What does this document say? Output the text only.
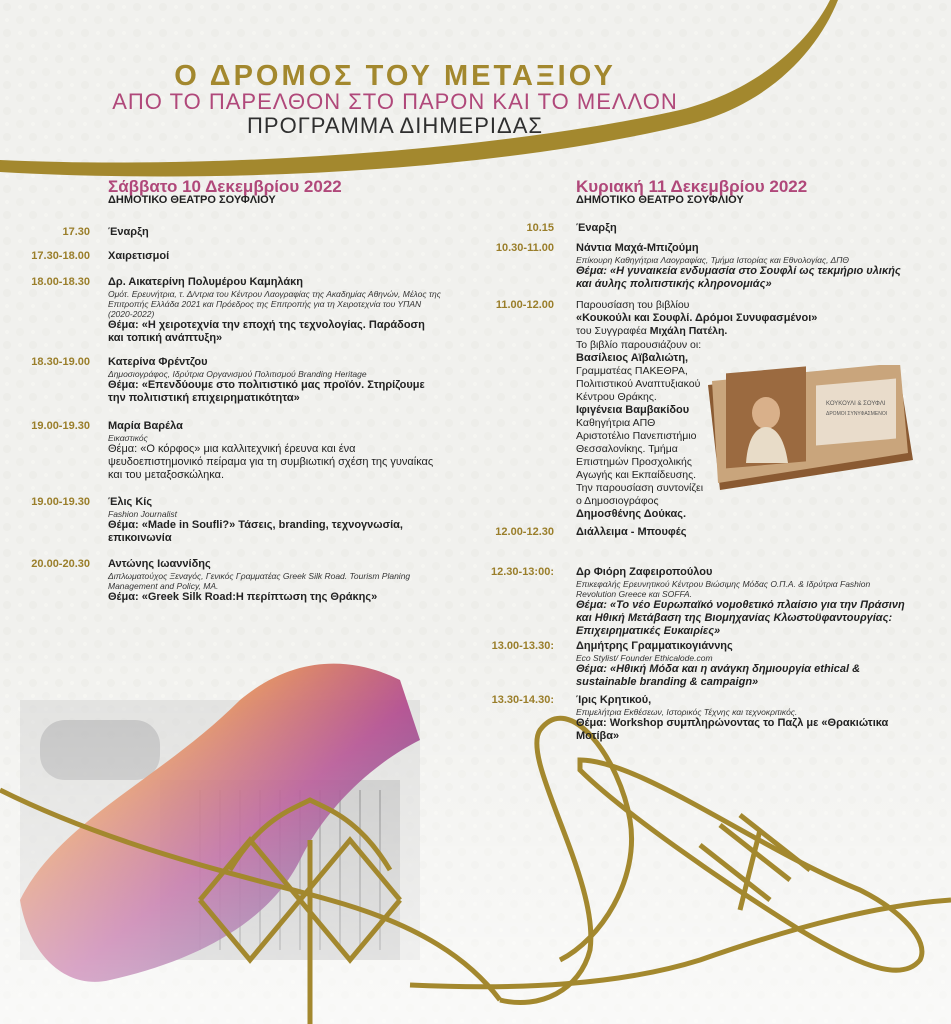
Ο ΔΡΟΜΟΣ ΤΟΥ ΜΕΤΑΞΙΟΥ
ΑΠΟ ΤΟ ΠΑΡΕΛΘΟΝ ΣΤΟ ΠΑΡΟΝ ΚΑΙ ΤΟ ΜΕΛΛΟΝ
ΠΡΟΓΡΑΜΜΑ ΔΙΗΜΕΡΙΔΑΣ
Σάββατο 10 Δεκεμβρίου 2022
ΔΗΜΟΤΙΚΟ ΘΕΑΤΡΟ ΣΟΥΦΛΙΟΥ
17.30 Έναρξη
17.30-18.00 Χαιρετισμοί
18.00-18.30 Δρ. Αικατερίνη Πολυμέρου Καμηλάκη
Ομότ. Ερευνήτρια, τ. Δ/ντρια του Κέντρου Λαογραφίας της Ακαδημίας Αθηνών, Μέλος της Επιτροπής Ελλάδα 2021 και Πρόεδρος της Επιτροπής για τη Χειροτεχνία του ΥΠΑΝ (2020-2022)
Θέμα: «Η χειροτεχνία την εποχή της τεχνολογίας. Παράδοση και τοπική ανάπτυξη»
18.30-19.00 Κατερίνα Φρέντζου
Δημοσιογράφος, Ιδρύτρια Οργανισμού Πολιτισμού Branding Heritage
Θέμα: «Επενδύουμε στο πολιτιστικό μας προϊόν. Στηρίζουμε την πολιτιστική επιχειρηματικότητα»
19.00-19.30 Μαρία Βαρέλα
Εικαστικός
Θέμα: «Ο κόρφος» μια καλλιτεχνική έρευνα και ένα ψευδοεπιστημονικό πείραμα για τη συμβιωτική σχέση της γυναίκας και του μεταξοσκώληκα.
19.00-19.30 Έλις Κίς
Fashion Journalist
Θέμα: «Made in Soufli?» Τάσεις, branding, τεχνογνωσία, επικοινωνία
20.00-20.30 Αντώνης Ιωαννίδης
Διπλωματούχος Ξεναγός, Γενικός Γραμματέας Greek Silk Road. Tourism Planing Management and Policy, MA.
Θέμα: «Greek Silk Road:Η περίπτωση της Θράκης»
Κυριακή 11 Δεκεμβρίου 2022
ΔΗΜΟΤΙΚΟ ΘΕΑΤΡΟ ΣΟΥΦΛΙΟΥ
10.15 Έναρξη
10.30-11.00 Νάντια Μαχά-Μπιζούμη
Επίκουρη Καθηγήτρια Λαογραφίας, Τμήμα Ιστορίας και Εθνολογίας, ΔΠΘ
Θέμα: «Η γυναικεία ενδυμασία στο Σουφλί ως τεκμήριο υλικής και άυλης πολιτιστικής κληρονομιάς»
11.00-12.00 Παρουσίαση του βιβλίου
«Κουκούλι και Σουφλί. Δρόμοι Συνυφασμένοι»
του Συγγραφέα Μιχάλη Πατέλη.
Το βιβλίο παρουσιάζουν οι:
Βασίλειος Αϊβαλιώτη,
Γραμματέας ΠΑΚΕΘΡΑ, Πολιτιστικού Αναπτυξιακού Κέντρου Θράκης.
Ιφιγένεια Βαμβακίδου
Καθηγήτρια ΑΠΘ Αριστοτέλιο Πανεπιστήμιο Θεσσαλονίκης. Τμήμα Επιστημών Προσχολικής Αγωγής και Εκπαίδευσης.
Την παρουσίαση συντονίζει ο Δημοσιογράφος
Δημοσθένης Δούκας.
12.00-12.30 Διάλλειμα - Μπουφές
12.30-13:00: Δρ Φιόρη Ζαφειροπούλου
Επικεφαλής Ερευνητικού Κέντρου Βιώσιμης Μόδας Ο.Π.Α. & Ιδρύτρια Fashion Revolution Greece και SOFFA.
Θέμα: «Το νέο Ευρωπαϊκό νομοθετικό πλαίσιο για την Πράσινη και Ηθική Μετάβαση της Βιομηχανίας Κλωστοϋφαντουργίας: Επιχειρηματικές Ευκαιρίες»
13.00-13.30: Δημήτρης Γραμματικογιάννης
Eco Stylist/ Founder Ethicalode.com
Θέμα: «Ηθική Μόδα και η ανάγκη δημιουργία ethical & sustainable branding & campaign»
13.30-14.30: Ίρις Κρητικού,
Επιμελήτρια Εκθέσεων, Ιστορικός Τέχνης και τεχνοκριτικός.
Θέμα: Workshop συμπληρώνοντας το Παζλ με «Θρακιώτικα Μοτίβα»
ΚΟΥΚΟΥΛΙ & ΣΟΥΦΛΙ
ΔΡΟΜΟΙ ΣΥΝΥΦΑΣΜΕΝΟΙ
